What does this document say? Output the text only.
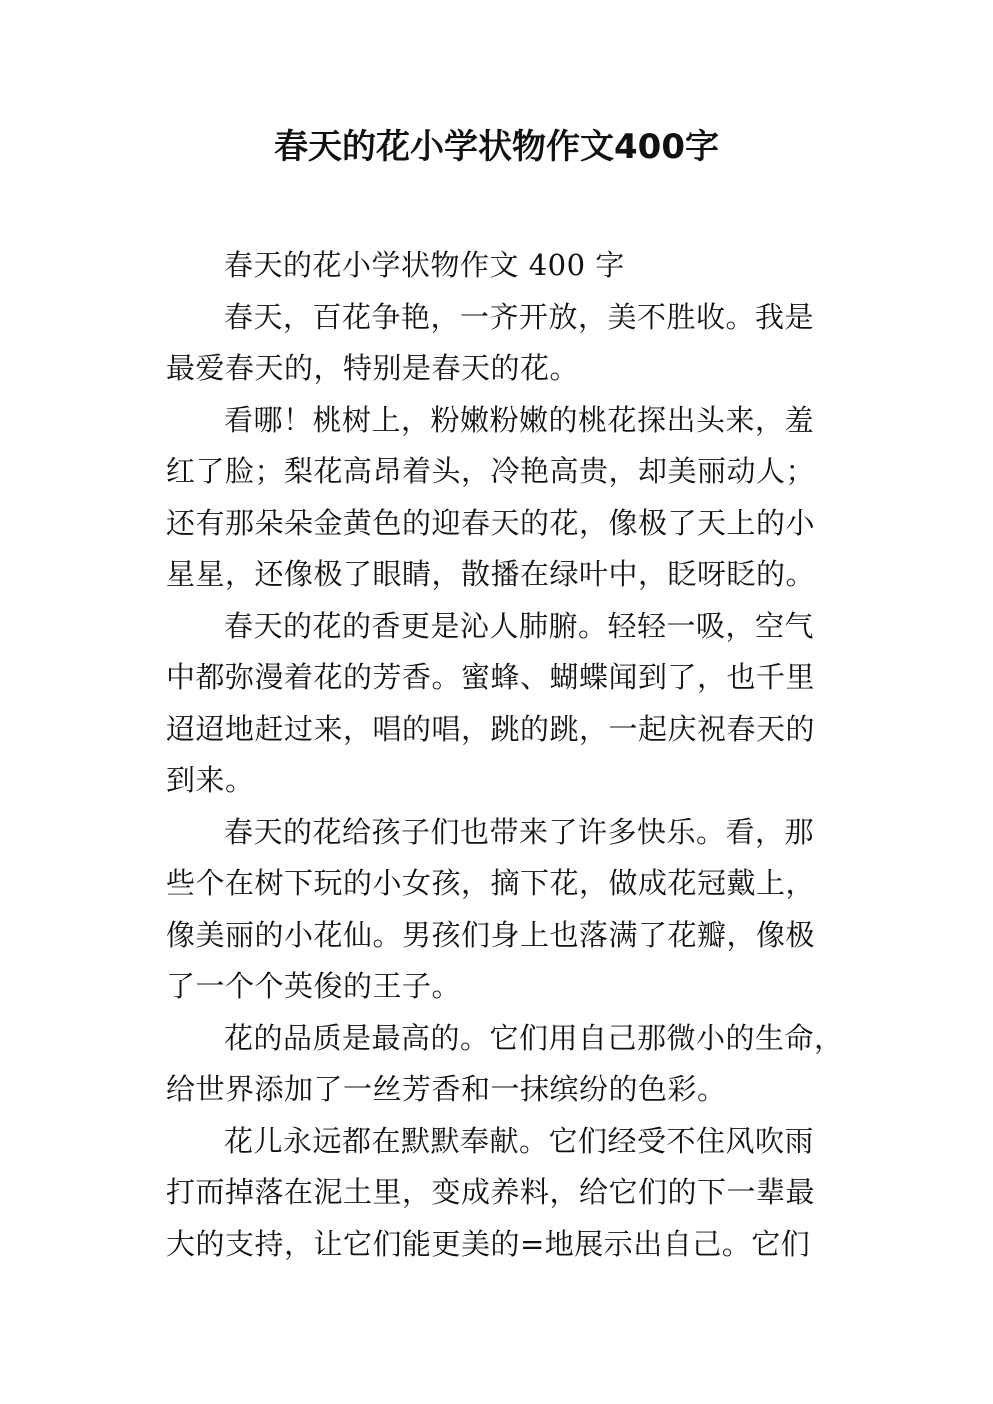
春天的花小学状物作文400字
春天的花小学状物作文 400 字
春天，百花争艳，一齐开放，美不胜收。我是
最爱春天的，特别是春天的花。
看哪！桃树上，粉嫩粉嫩的桃花探出头来，羞
红了脸；梨花高昂着头，冷艳高贵，却美丽动人；
还有那朵朵金黄色的迎春天的花，像极了天上的小
星星，还像极了眼睛，散播在绿叶中，眨呀眨的。
春天的花的香更是沁人肺腑。轻轻一吸，空气
中都弥漫着花的芳香。蜜蜂、蝴蝶闻到了，也千里
迢迢地赶过来，唱的唱，跳的跳，一起庆祝春天的
到来。
春天的花给孩子们也带来了许多快乐。看，那
些个在树下玩的小女孩，摘下花，做成花冠戴上，
像美丽的小花仙。男孩们身上也落满了花瓣，像极
了一个个英俊的王子。
花的品质是最高的。它们用自己那微小的生命，
给世界添加了一丝芳香和一抹缤纷的色彩。
花儿永远都在默默奉献。它们经受不住风吹雨
打而掉落在泥土里，变成养料，给它们的下一辈最
大的支持，让它们能更美的=地展示出自己。它们
